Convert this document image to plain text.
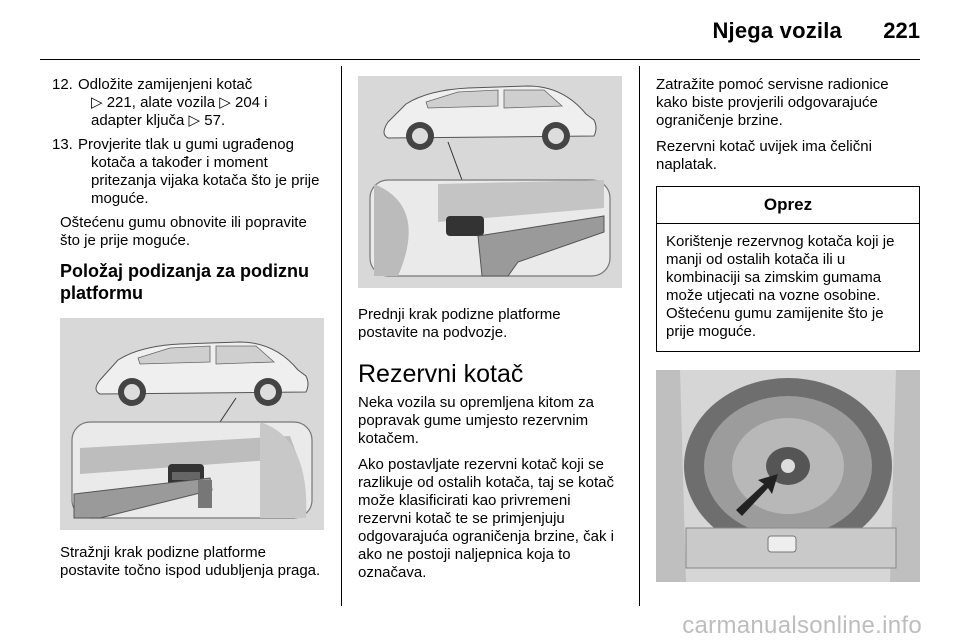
Njega vozila 221
12. Odložite zamijenjeni kotač
▷ 221, alate vozila ▷ 204 i
adapter ključa ▷ 57.
13. Provjerite tlak u gumi ugrađenog
kotača a također i moment
pritezanja vijaka kotača što je prije
moguće.

Oštećenu gumu obnovite ili popravite što je prije moguće.

Položaj podizanja za podiznu platformu

Stražnji krak podizne platforme postavite točno ispod udubljenja praga.

Prednji krak podizne platforme postavite na podvozje.

Rezervni kotač

Neka vozila su opremljena kitom za popravak gume umjesto rezervnim kotačem.

Ako postavljate rezervni kotač koji se razlikuje od ostalih kotača, taj se kotač može klasificirati kao privremeni rezervni kotač te se primjenjuju odgovarajuća ograničenja brzine, čak i ako ne postoji naljepnica koja to označava.

Zatražite pomoć servisne radionice kako biste provjerili odgovarajuće ograničenje brzine.

Rezervni kotač uvijek ima čelični naplatak.

Oprez
Korištenje rezervnog kotača koji je manji od ostalih kotača ili u kombinaciji sa zimskim gumama može utjecati na vozne osobine. Oštećenu gumu zamijenite što je prije moguće.
carmanualsonline.info
